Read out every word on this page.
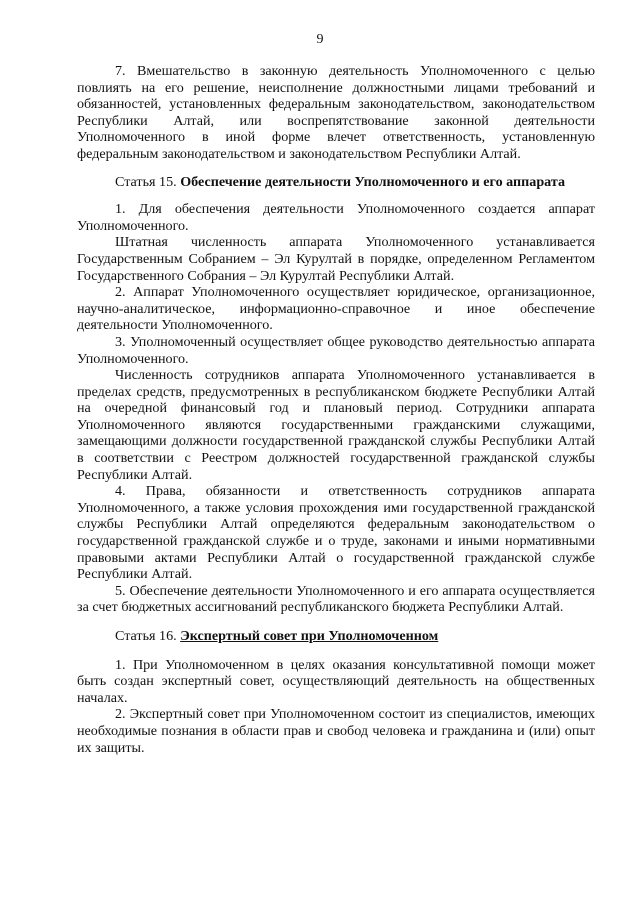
9

7. Вмешательство в законную деятельность Уполномоченного с целью повлиять на его решение, неисполнение должностными лицами требований и обязанностей, установленных федеральным законодательством, законодательством Республики Алтай, или воспрепятствование законной деятельности Уполномоченного в иной форме влечет ответственность, установленную федеральным законодательством и законодательством Республики Алтай.

Статья 15. Обеспечение деятельности Уполномоченного и его аппарата

1. Для обеспечения деятельности Уполномоченного создается аппарат Уполномоченного.

Штатная численность аппарата Уполномоченного устанавливается Государственным Собранием – Эл Курултай в порядке, определенном Регламентом Государственного Собрания – Эл Курултай Республики Алтай.

2. Аппарат Уполномоченного осуществляет юридическое, организационное, научно-аналитическое, информационно-справочное и иное обеспечение деятельности Уполномоченного.

3. Уполномоченный осуществляет общее руководство деятельностью аппарата Уполномоченного.

Численность сотрудников аппарата Уполномоченного устанавливается в пределах средств, предусмотренных в республиканском бюджете Республики Алтай на очередной финансовый год и плановый период. Сотрудники аппарата Уполномоченного являются государственными гражданскими служащими, замещающими должности государственной гражданской службы Республики Алтай в соответствии с Реестром должностей государственной гражданской службы Республики Алтай.

4. Права, обязанности и ответственность сотрудников аппарата Уполномоченного, а также условия прохождения ими государственной гражданской службы Республики Алтай определяются федеральным законодательством о государственной гражданской службе и о труде, законами и иными нормативными правовыми актами Республики Алтай о государственной гражданской службе Республики Алтай.

5. Обеспечение деятельности Уполномоченного и его аппарата осуществляется за счет бюджетных ассигнований республиканского бюджета Республики Алтай.

Статья 16. Экспертный совет при Уполномоченном

1. При Уполномоченном в целях оказания консультативной помощи может быть создан экспертный совет, осуществляющий деятельность на общественных началах.

2. Экспертный совет при Уполномоченном состоит из специалистов, имеющих необходимые познания в области прав и свобод человека и гражданина и (или) опыт их защиты.
